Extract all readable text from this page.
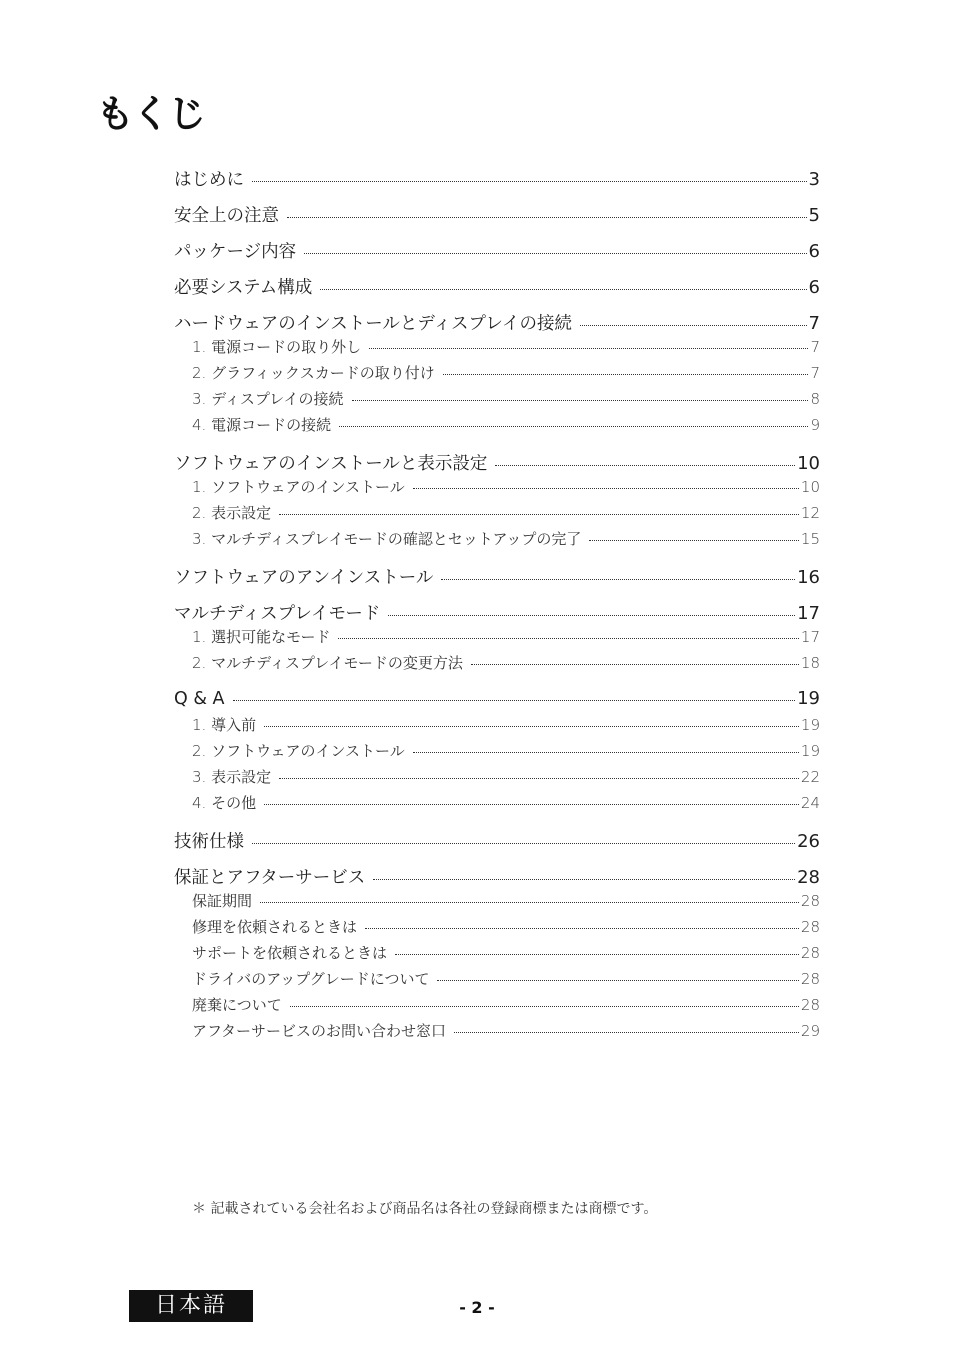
もくじ
はじめに	3
安全上の注意	5
パッケージ内容	6
必要システム構成	6
ハードウェアのインストールとディスプレイの接続	7
1. 電源コードの取り外し	7
2. グラフィックスカードの取り付け	7
3. ディスプレイの接続	8
4. 電源コードの接続	9
ソフトウェアのインストールと表示設定	10
1. ソフトウェアのインストール	10
2. 表示設定	12
3. マルチディスプレイモードの確認とセットアップの完了	15
ソフトウェアのアンインストール	16
マルチディスプレイモード	17
1. 選択可能なモード	17
2. マルチディスプレイモードの変更方法	18
Q & A	19
1. 導入前	19
2. ソフトウェアのインストール	19
3. 表示設定	22
4. その他	24
技術仕様	26
保証とアフターサービス	28
保証期間	28
修理を依頼されるときは	28
サポートを依頼されるときは	28
ドライバのアップグレードについて	28
廃棄について	28
アフターサービスのお問い合わせ窓口	29
＊ 記載されている会社名および商品名は各社の登録商標または商標です。
日本語	- 2 -
